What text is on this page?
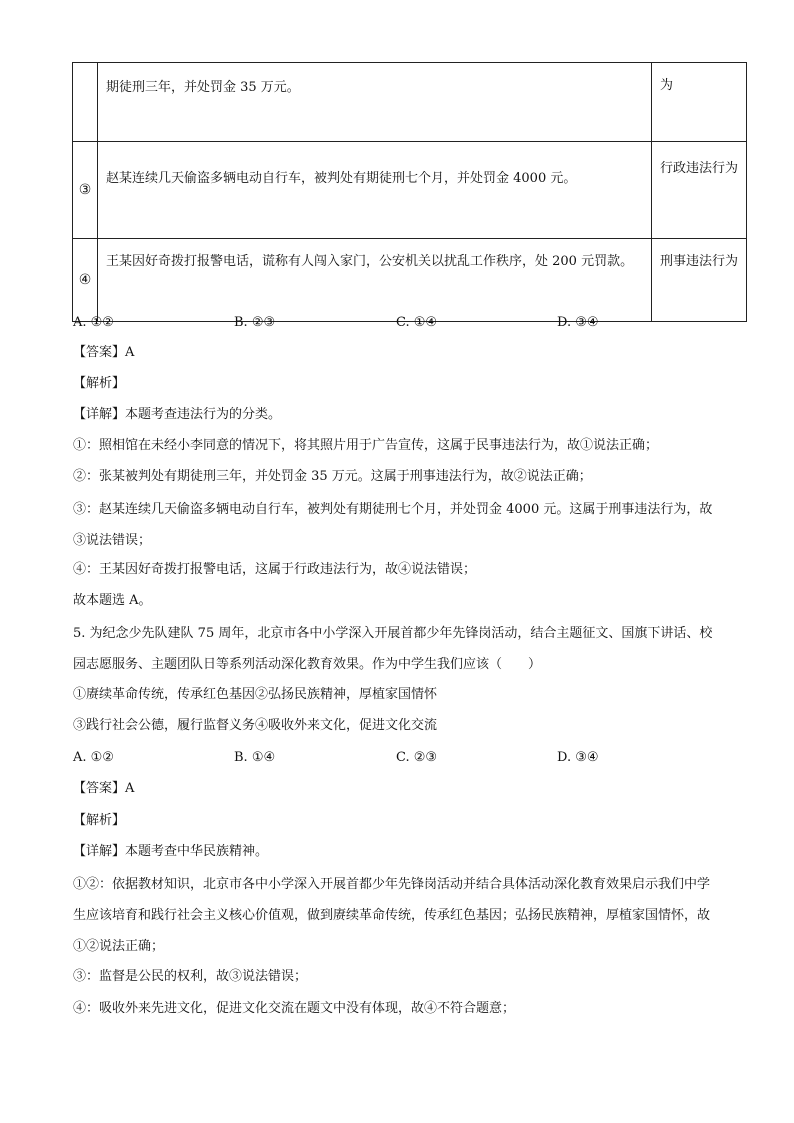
	期徒刑三年，并处罚金 35 万元。	为
③	赵某连续几天偷盗多辆电动自行车，被判处有期徒刑七个月，并处罚金 4000 元。	行政违法行为
④	王某因好奇拨打报警电话，谎称有人闯入家门，公安机关以扰乱工作秩序，处 200 元罚款。	刑事违法行为
A. ①②	B. ②③	C. ①④	D. ③④
【答案】A
【解析】
【详解】本题考查违法行为的分类。
①：照相馆在未经小李同意的情况下，将其照片用于广告宣传，这属于民事违法行为，故①说法正确；
②：张某被判处有期徒刑三年，并处罚金 35 万元。这属于刑事违法行为，故②说法正确；
③：赵某连续几天偷盗多辆电动自行车，被判处有期徒刑七个月，并处罚金 4000 元。这属于刑事违法行为，故③说法错误；
④：王某因好奇拨打报警电话，这属于行政违法行为，故④说法错误；
故本题选 A。
5. 为纪念少先队建队 75 周年，北京市各中小学深入开展首都少年先锋岗活动，结合主题征文、国旗下讲话、校园志愿服务、主题团队日等系列活动深化教育效果。作为中学生我们应该（　　）
①赓续革命传统，传承红色基因②弘扬民族精神，厚植家国情怀
③践行社会公德，履行监督义务④吸收外来文化，促进文化交流
A. ①②	B. ①④	C. ②③	D. ③④
【答案】A
【解析】
【详解】本题考查中华民族精神。
①②：依据教材知识，北京市各中小学深入开展首都少年先锋岗活动并结合具体活动深化教育效果启示我们中学生应该培育和践行社会主义核心价值观，做到赓续革命传统，传承红色基因；弘扬民族精神，厚植家国情怀，故①②说法正确；
③：监督是公民的权利，故③说法错误；
④：吸收外来先进文化，促进文化交流在题文中没有体现，故④不符合题意；
